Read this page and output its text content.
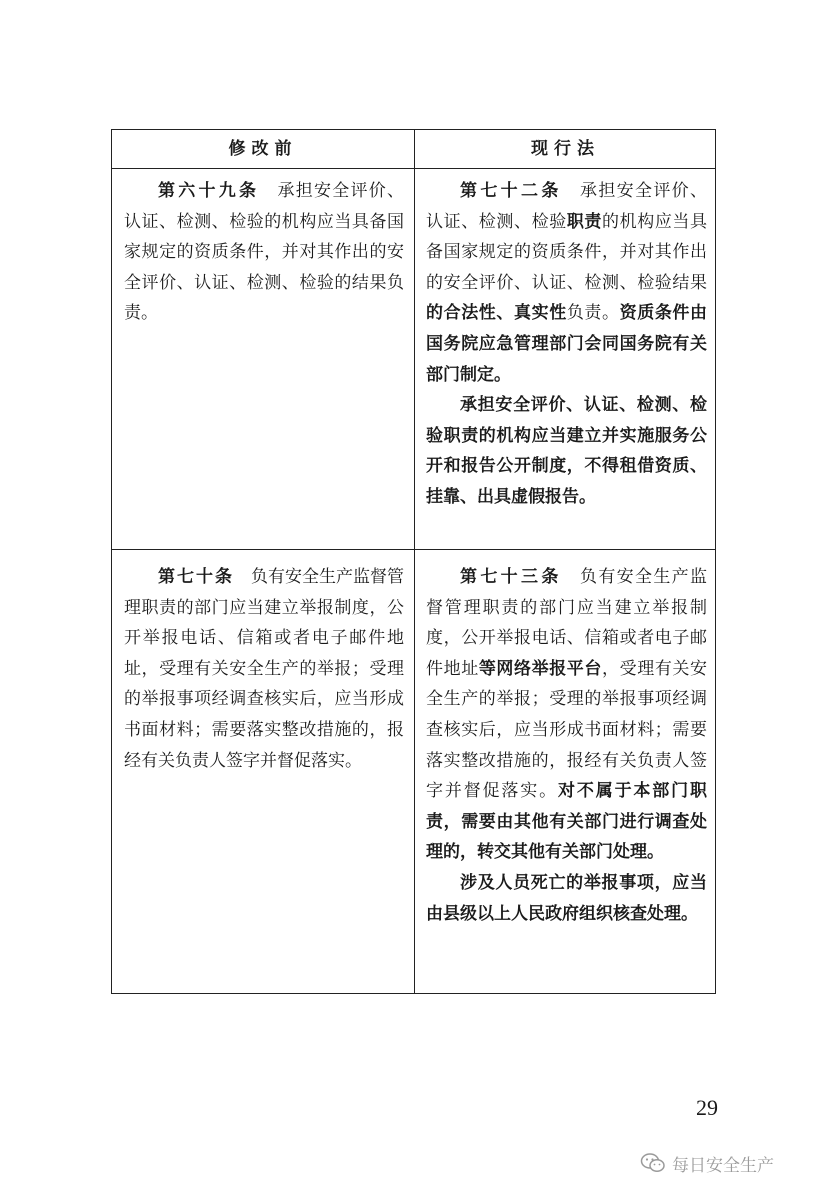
修改前	现行法

第六十九条  承担安全评价、认证、检测、检验的机构应当具备国家规定的资质条件，并对其作出的安全评价、认证、检测、检验的结果负责。

第七十二条  承担安全评价、认证、检测、检验职责的机构应当具备国家规定的资质条件，并对其作出的安全评价、认证、检测、检验结果的合法性、真实性负责。资质条件由国务院应急管理部门会同国务院有关部门制定。

承担安全评价、认证、检测、检验职责的机构应当建立并实施服务公开和报告公开制度，不得租借资质、挂靠、出具虚假报告。

第七十条  负有安全生产监督管理职责的部门应当建立举报制度，公开举报电话、信箱或者电子邮件地址，受理有关安全生产的举报；受理的举报事项经调查核实后，应当形成书面材料；需要落实整改措施的，报经有关负责人签字并督促落实。

第七十三条  负有安全生产监督管理职责的部门应当建立举报制度，公开举报电话、信箱或者电子邮件地址等网络举报平台，受理有关安全生产的举报；受理的举报事项经调查核实后，应当形成书面材料；需要落实整改措施的，报经有关负责人签字并督促落实。对不属于本部门职责，需要由其他有关部门进行调查处理的，转交其他有关部门处理。

涉及人员死亡的举报事项，应当由县级以上人民政府组织核查处理。

29
每日安全生产
